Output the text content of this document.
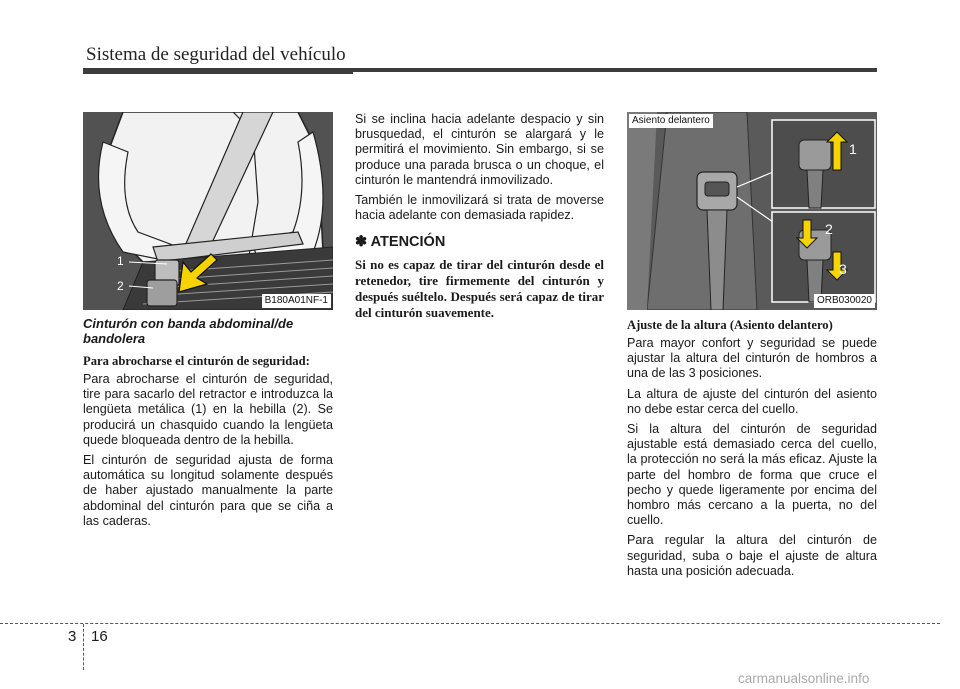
Sistema de seguridad del vehículo
1
2
B180A01NF-1
Cinturón con banda abdominal/de bandolera
Para abrocharse el cinturón de seguridad:

Para abrocharse el cinturón de seguridad, tire para sacarlo del retractor e introduzca la lengüeta metálica (1) en la hebilla (2). Se producirá un chasquido cuando la lengüeta quede bloqueada dentro de la hebilla.

El cinturón de seguridad ajusta de forma automática su longitud solamente después de haber ajustado manualmente la parte abdominal del cinturón para que se ciña a las caderas.

Si se inclina hacia adelante despacio y sin brusquedad, el cinturón se alargará y le permitirá el movimiento. Sin embargo, si se produce una parada brusca o un choque, el cinturón le mantendrá inmovilizado.

También le inmovilizará si trata de moverse hacia adelante con demasiada rapidez.

✽ ATENCIÓN

Si no es capaz de tirar del cinturón desde el retenedor, tire firmemente del cinturón y después suéltelo. Después será capaz de tirar del cinturón suavemente.

Asiento delantero
1
2
3
ORB030020
Ajuste de la altura (Asiento delantero)

Para mayor confort y seguridad se puede ajustar la altura del cinturón de hombros a una de las 3 posiciones.

La altura de ajuste del cinturón del asiento no debe estar cerca del cuello.

Si la altura del cinturón de seguridad ajustable está demasiado cerca del cuello, la protección no será la más eficaz. Ajuste la parte del hombro de forma que cruce el pecho y quede ligeramente por encima del hombro más cercano a la puerta, no del cuello.

Para regular la altura del cinturón de seguridad, suba o baje el ajuste de altura hasta una posición adecuada.

3 16
carmanualsonline.info
